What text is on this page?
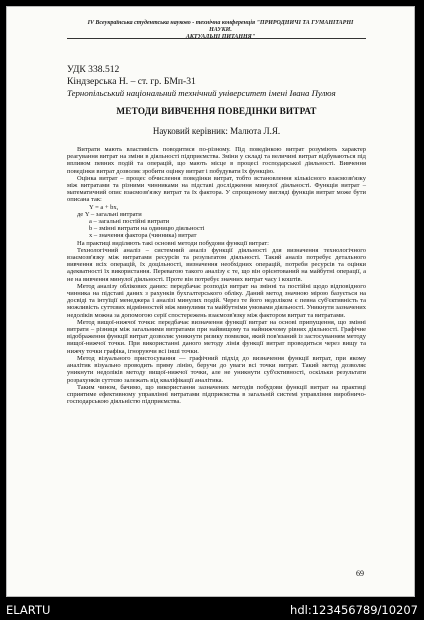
IV Всеукраїнська студентська науково - технічна конференція "ПРИРОДНИЧІ ТА ГУМАНІТАРНІ НАУКИ.
АКТУАЛЬНІ ПИТАННЯ"
УДК 338.512
Кіндзерська Н. – ст. гр. БМп-31
Тернопільський національний технічний університет імені Івана Пулюя
МЕТОДИ ВИВЧЕННЯ ПОВЕДІНКИ ВИТРАТ
Науковий керівник: Малюта Л.Я.

Витрати мають властивість поводитися по-різному. Під поведінкою витрат розуміють характер реагування витрат на зміни в діяльності підприємства. Зміни у складі та величині витрат відбуваються під впливом певних подій та операцій, що мають місце в процесі господарської діяльності. Вивчення поведінки витрат дозволяє зробити оцінку витрат і побудувати їх функцію.

Оцінка витрат – процес обчислення поведінки витрат, тобто встановлення кількісного взаємозв'язку між витратами та різними чинниками на підставі дослідження минулої діяльності. Функція витрат – математичний опис взаємозв'язку витрат та їх фактора. У спрощеному вигляді функція витрат може бути описана так:

Y = a + bx,
де Y – загальні витрати
a – загальні постійні витрати
b – змінні витрати на одиницю діяльності
x – значення фактора (чинника) витрат

На практиці виділяють такі основні методи побудови функції витрат:

Технологічний аналіз – системний аналіз функції діяльності для визначення технологічного взаємозв'язку між витратами ресурсів та результатом діяльності. Такий аналіз потребує детального вивчення всіх операцій, їх доцільності, визначення необхідних операцій, потреби ресурсів та оцінки адекватності їх використання. Перевагою такого аналізу є те, що він орієнтований на майбутні операції, а не на вивчення минулої діяльності. Проте він потребує значних витрат часу і коштів.

Метод аналізу облікових даних: передбачає розподіл витрат на змінні та постійні щодо відповідного чинника на підставі даних з рахунків бухгалтерського обліку. Даний метод значною мірою базується на досвіді та інтуїції менеджера і аналізі минулих подій. Через те його недоліком є певна суб'єктивність та можливість суттєвих відмінностей між минулими та майбутніми умовами діяльності. Уникнути зазначених недоліків можна за допомогою серії спостережень взаємозв'язку між фактором витрат та витратами.

Метод вищої-нижчої точки: передбачає визначення функції витрат на основі припущення, що змінні витрати – різниця між загальними витратами при найвищому та найнижчому рівнях діяльності. Графічне відображення функції витрат дозволяє уникнути ризику помилки, який пов'язаний із застосуванням методу вищої-нижчої точки. При використанні даного методу лінія функції витрат проводиться через вищу та нижчу точки графіка, ігноруючи всі інші точки.

Метод візуального пристосування — графічний підхід до визначення функції витрат, при якому аналітик візуально проводить пряму лінію, беручи до уваги всі точки витрат. Такий метод дозволяє уникнути недоліків методу вищої-нижчої точки, але не уникнути суб'єктивності, оскільки результати розрахунків суттєво залежать від кваліфікації аналітика.

Таким чином, бачимо, що використання зазначених методів побудови функції витрат на практиці сприятиме ефективному управлінні витратами підприємства в загальній системі управління виробничо-господарською діяльністю підприємства.

69
ELARTU	hdl:123456789/10207
